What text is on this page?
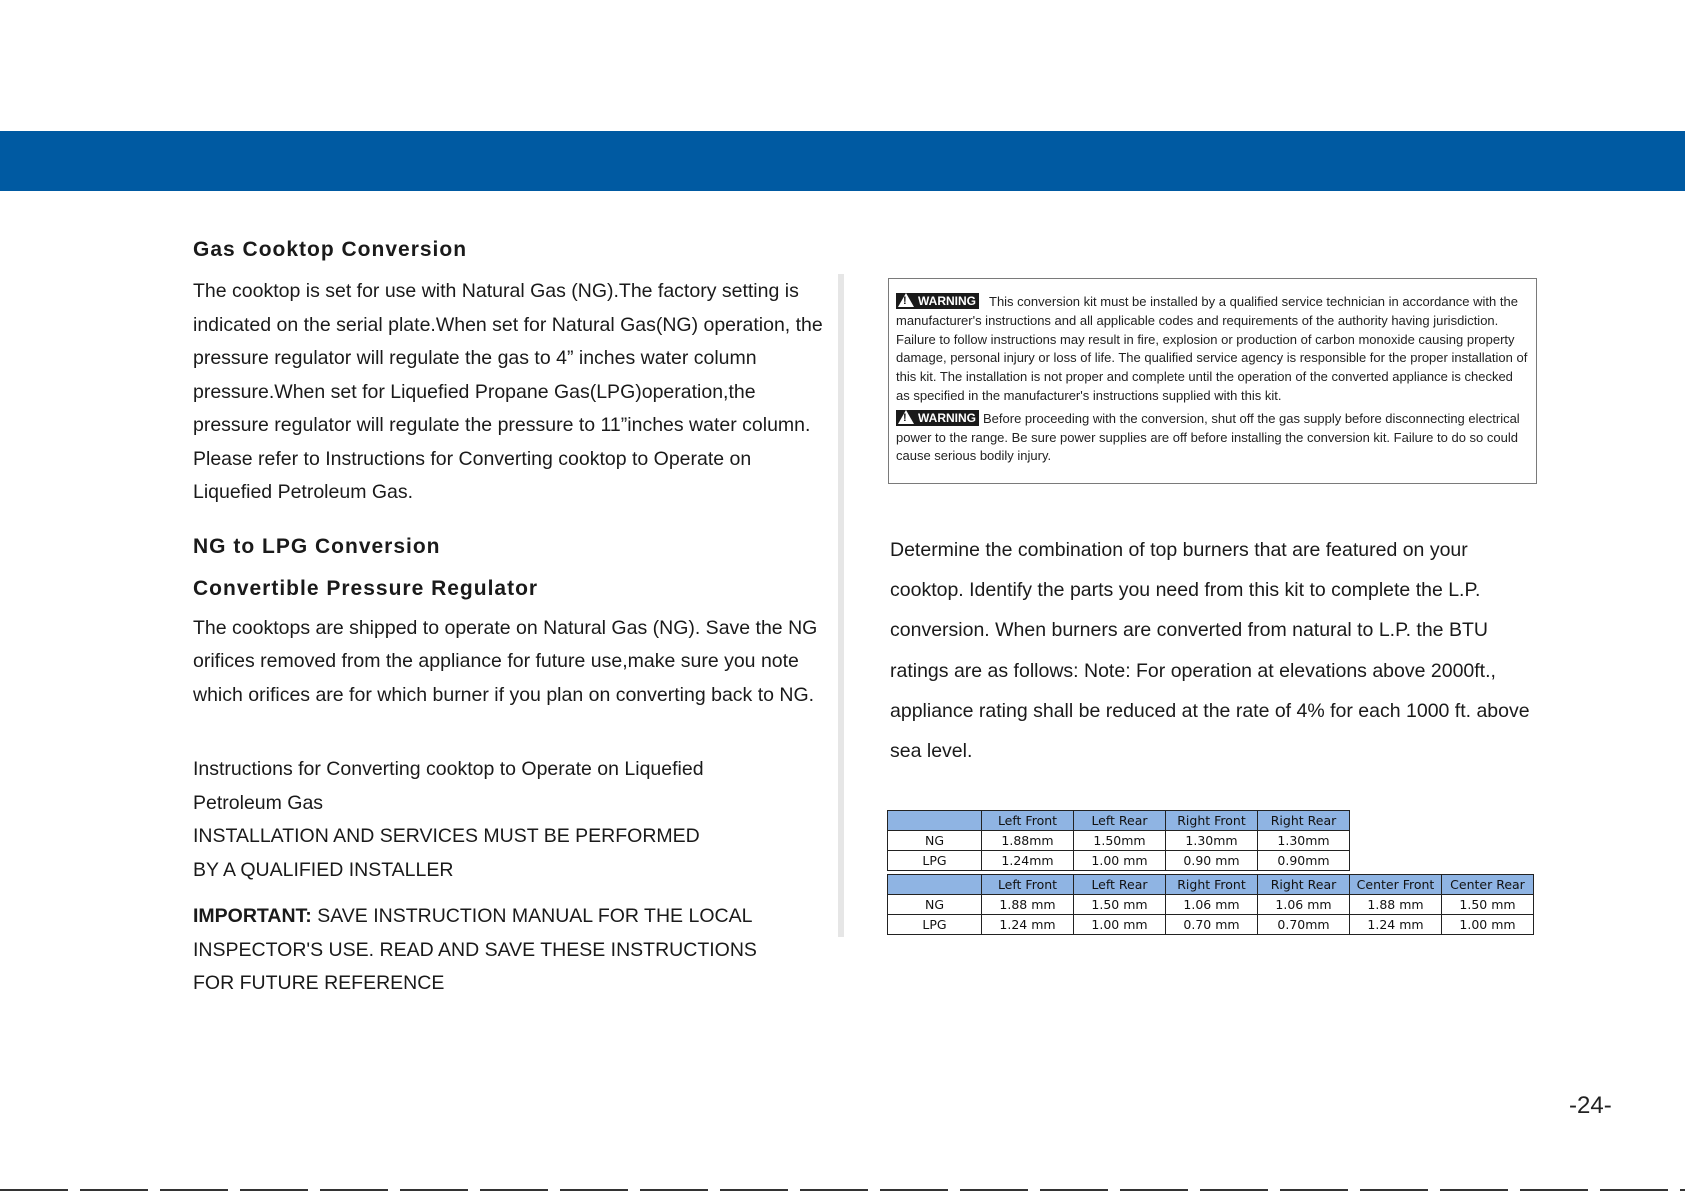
Gas Cooktop Conversion

The cooktop is set for use with Natural Gas (NG).The factory setting is indicated on the serial plate.When set for Natural Gas(NG) operation, the pressure regulator will regulate the gas to 4” inches water column pressure.When set for Liquefied Propane Gas(LPG)operation,the pressure regulator will regulate the pressure to 11”inches water column. Please refer to Instructions for Converting cooktop to Operate on Liquefied Petroleum Gas.

NG to LPG Conversion
Convertible Pressure Regulator

The cooktops are shipped to operate on Natural Gas (NG). Save the NG orifices removed from the appliance for future use,make sure you note which orifices are for which burner if you plan on converting back to NG.

Instructions for Converting cooktop to Operate on Liquefied

Petroleum Gas

INSTALLATION AND SERVICES MUST BE PERFORMED

BY A QUALIFIED INSTALLER

IMPORTANT: SAVE INSTRUCTION MANUAL FOR THE LOCAL

INSPECTOR'S USE. READ AND SAVE THESE INSTRUCTIONS

FOR FUTURE REFERENCE

!WARNING This conversion kit must be installed by a qualified service technician in accordance with the manufacturer's instructions and all applicable codes and requirements of the authority having jurisdiction. Failure to follow instructions may result in fire, explosion or production of carbon monoxide causing property damage, personal injury or loss of life. The qualified service agency is responsible for the proper installation of this kit. The installation is not proper and complete until the operation of the converted appliance is checked as specified in the manufacturer's instructions supplied with this kit.

!WARNING Before proceeding with the conversion, shut off the gas supply before disconnecting electrical power to the range. Be sure power supplies are off before installing the conversion kit. Failure to do so could cause serious bodily injury.

Determine the combination of top burners that are featured on your cooktop. Identify the parts you need from this kit to complete the L.P. conversion. When burners are converted from natural to L.P. the BTU ratings are as follows: Note: For operation at elevations above 2000ft., appliance rating shall be reduced at the rate of 4% for each 1000 ft. above sea level.

	Left Front	Left Rear	Right Front	Right Rear
NG	1.88mm	1.50mm	1.30mm	1.30mm
LPG	1.24mm	1.00 mm	0.90 mm	0.90mm
	Left Front	Left Rear	Right Front	Right Rear	Center Front	Center Rear
NG	1.88 mm	1.50 mm	1.06 mm	1.06 mm	1.88 mm	1.50 mm
LPG	1.24 mm	1.00 mm	0.70 mm	0.70mm	1.24 mm	1.00 mm
-24-
